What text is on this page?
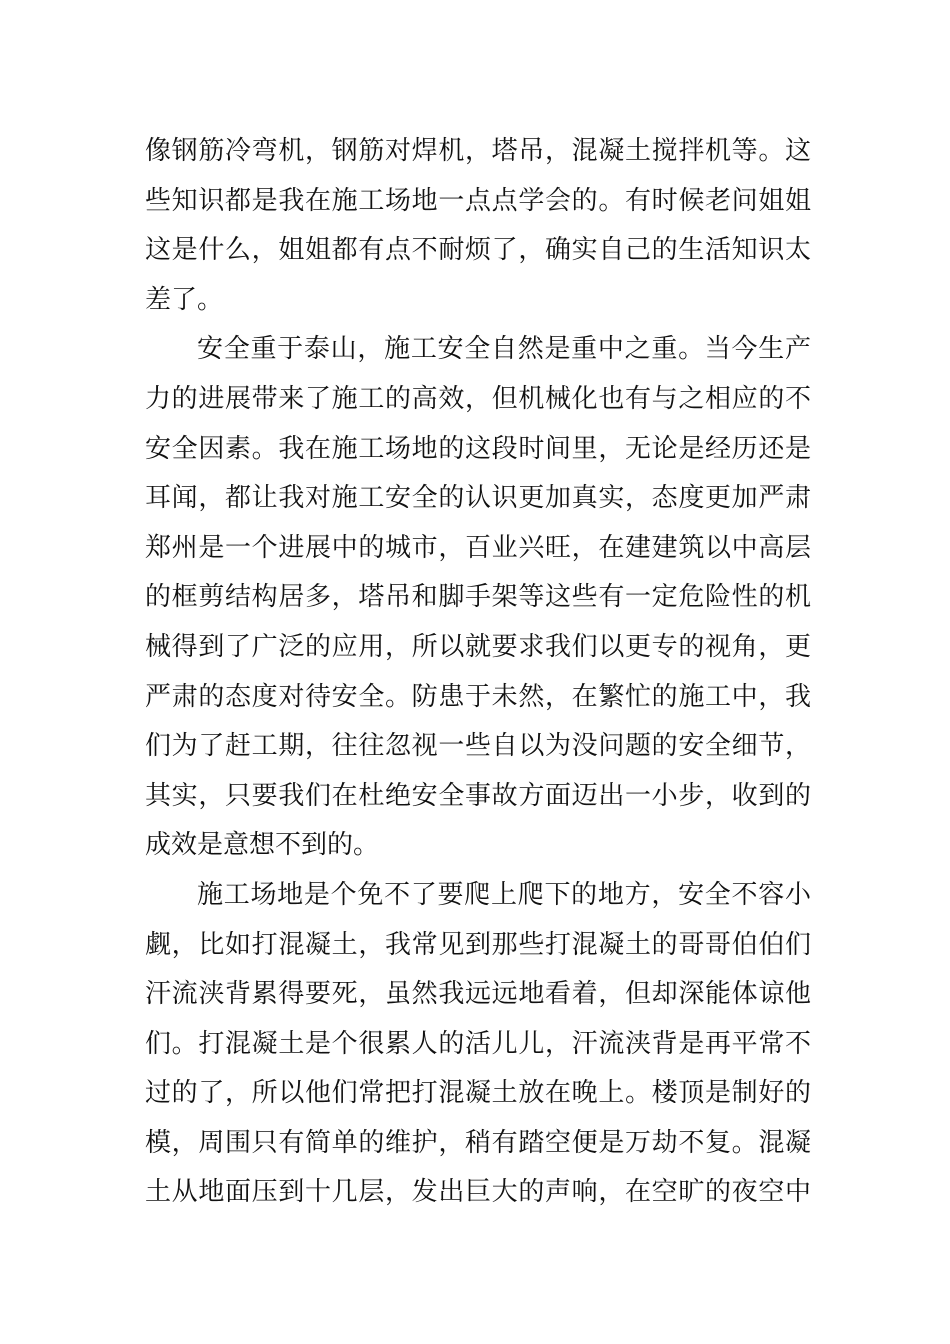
像钢筋冷弯机，钢筋对焊机，塔吊，混凝土搅拌机等。这
些知识都是我在施工场地一点点学会的。有时候老问姐姐
这是什么，姐姐都有点不耐烦了，确实自己的生活知识太
差了。
安全重于泰山，施工安全自然是重中之重。当今生产
力的进展带来了施工的高效，但机械化也有与之相应的不
安全因素。我在施工场地的这段时间里，无论是经历还是
耳闻，都让我对施工安全的认识更加真实，态度更加严肃
郑州是一个进展中的城市，百业兴旺，在建建筑以中高层
的框剪结构居多，塔吊和脚手架等这些有一定危险性的机
械得到了广泛的应用，所以就要求我们以更专的视角，更
严肃的态度对待安全。防患于未然，在繁忙的施工中，我
们为了赶工期，往往忽视一些自以为没问题的安全细节，
其实，只要我们在杜绝安全事故方面迈出一小步，收到的
成效是意想不到的。
施工场地是个免不了要爬上爬下的地方，安全不容小
觑，比如打混凝土，我常见到那些打混凝土的哥哥伯伯们
汗流浃背累得要死，虽然我远远地看着，但却深能体谅他
们。打混凝土是个很累人的活儿儿，汗流浃背是再平常不
过的了，所以他们常把打混凝土放在晚上。楼顶是制好的
模，周围只有简单的维护，稍有踏空便是万劫不复。混凝
土从地面压到十几层，发出巨大的声响，在空旷的夜空中
